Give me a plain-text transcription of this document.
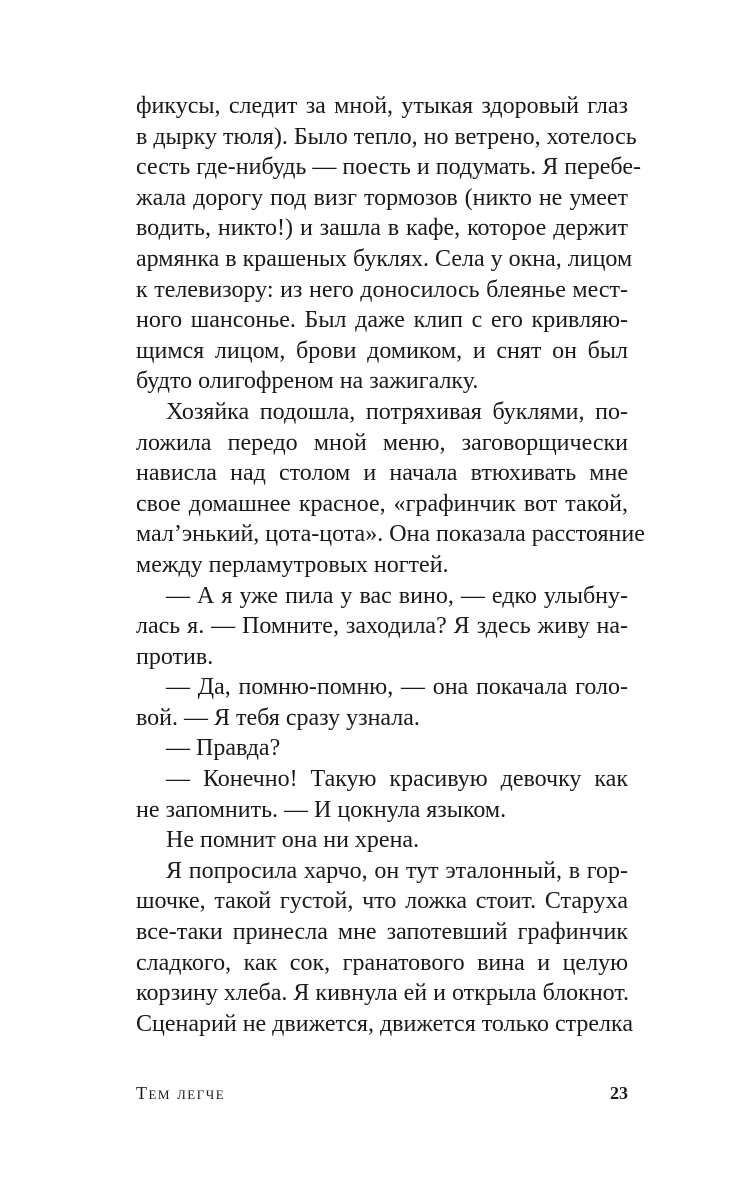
фикусы, следит за мной, утыкая здоровый глаз
в дырку тюля). Было тепло, но ветрено, хотелось
сесть где-нибудь — поесть и подумать. Я перебе-
жала дорогу под визг тормозов (никто не умеет
водить, никто!) и зашла в кафе, которое держит
армянка в крашеных буклях. Села у окна, лицом
к телевизору: из него доносилось блеянье мест-
ного шансонье. Был даже клип с его кривляю-
щимся лицом, брови домиком, и снят он был
будто олигофреном на зажигалку.
Хозяйка подошла, потряхивая буклями, по-
ложила передо мной меню, заговорщически
нависла над столом и начала втюхивать мне
свое домашнее красное, «графинчик вот такой,
мал’энький, цота-цота». Она показала расстояние
между перламутровых ногтей.
— А я уже пила у вас вино, — едко улыбну-
лась я. — Помните, заходила? Я здесь живу на-
против.
— Да, помню-помню, — она покачала голо-
вой. — Я тебя сразу узнала.
— Правда?
— Конечно! Такую красивую девочку как
не запомнить. — И цокнула языком.
Не помнит она ни хрена.
Я попросила харчо, он тут эталонный, в гор-
шочке, такой густой, что ложка стоит. Старуха
все-таки принесла мне запотевший графинчик
сладкого, как сок, гранатового вина и целую
корзину хлеба. Я кивнула ей и открыла блокнот.
Сценарий не движется, движется только стрелка
Тем легче	23
